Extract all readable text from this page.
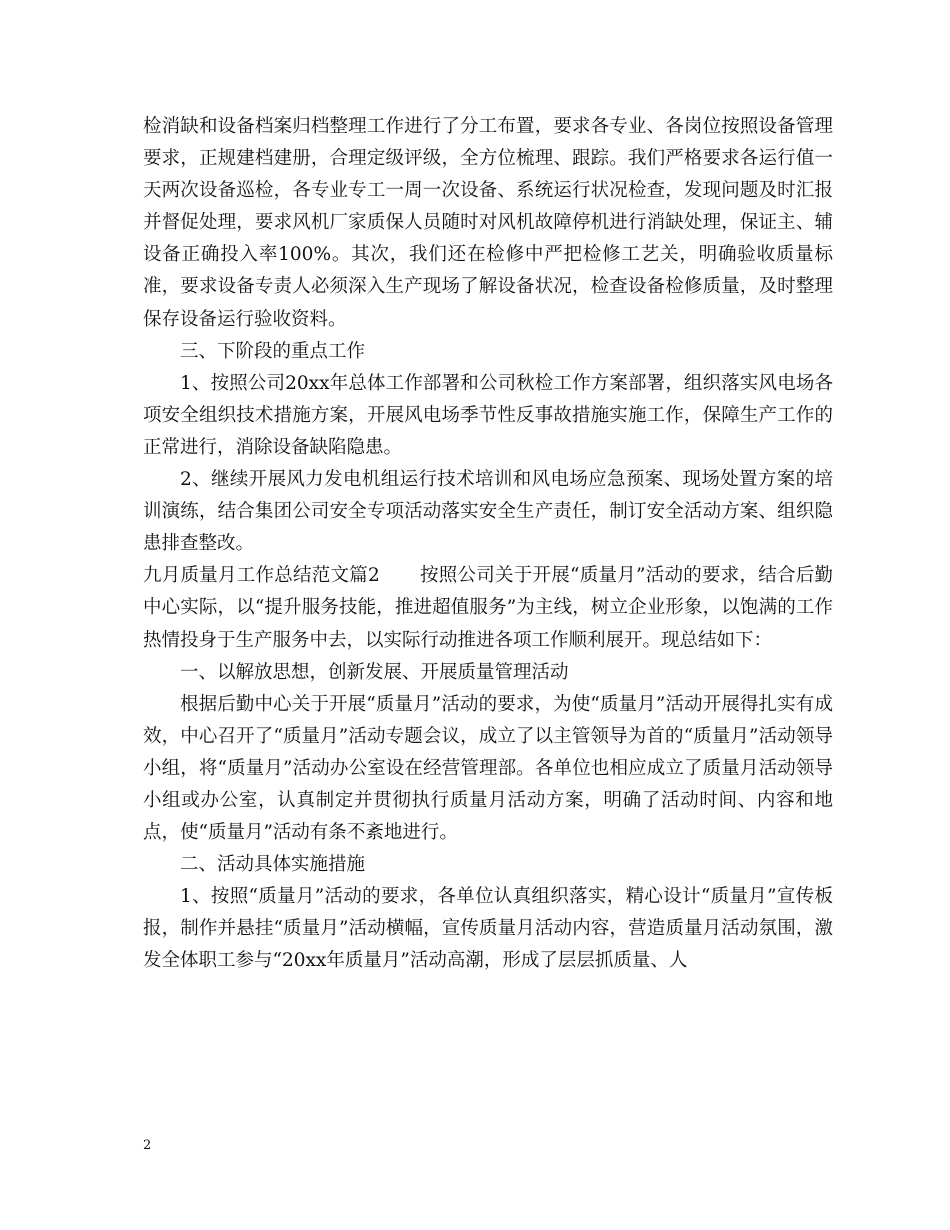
检消缺和设备档案归档整理工作进行了分工布置，要求各专业、各岗位按照设备管理要求，正规建档建册，合理定级评级，全方位梳理、跟踪。我们严格要求各运行值一天两次设备巡检，各专业专工一周一次设备、系统运行状况检查，发现问题及时汇报并督促处理，要求风机厂家质保人员随时对风机故障停机进行消缺处理，保证主、辅设备正确投入率100%。其次，我们还在检修中严把检修工艺关，明确验收质量标准，要求设备专责人必须深入生产现场了解设备状况，检查设备检修质量，及时整理保存设备运行验收资料。

三、下阶段的重点工作

1、按照公司20xx年总体工作部署和公司秋检工作方案部署，组织落实风电场各项安全组织技术措施方案，开展风电场季节性反事故措施实施工作，保障生产工作的正常进行，消除设备缺陷隐患。

2、继续开展风力发电机组运行技术培训和风电场应急预案、现场处置方案的培训演练，结合集团公司安全专项活动落实安全生产责任，制订安全活动方案、组织隐患排查整改。

九月质量月工作总结范文篇2 按照公司关于开展“质量月”活动的要求，结合后勤中心实际，以“提升服务技能，推进超值服务”为主线，树立企业形象，以饱满的工作热情投身于生产服务中去，以实际行动推进各项工作顺利展开。现总结如下：

一、以解放思想，创新发展、开展质量管理活动

根据后勤中心关于开展“质量月”活动的要求，为使“质量月”活动开展得扎实有成效，中心召开了“质量月”活动专题会议，成立了以主管领导为首的“质量月”活动领导小组，将“质量月”活动办公室设在经营管理部。各单位也相应成立了质量月活动领导小组或办公室，认真制定并贯彻执行质量月活动方案，明确了活动时间、内容和地点，使“质量月”活动有条不紊地进行。

二、活动具体实施措施

1、按照“质量月”活动的要求，各单位认真组织落实，精心设计“质量月”宣传板报，制作并悬挂“质量月”活动横幅，宣传质量月活动内容，营造质量月活动氛围，激发全体职工参与“20xx年质量月”活动高潮，形成了层层抓质量、人

2
